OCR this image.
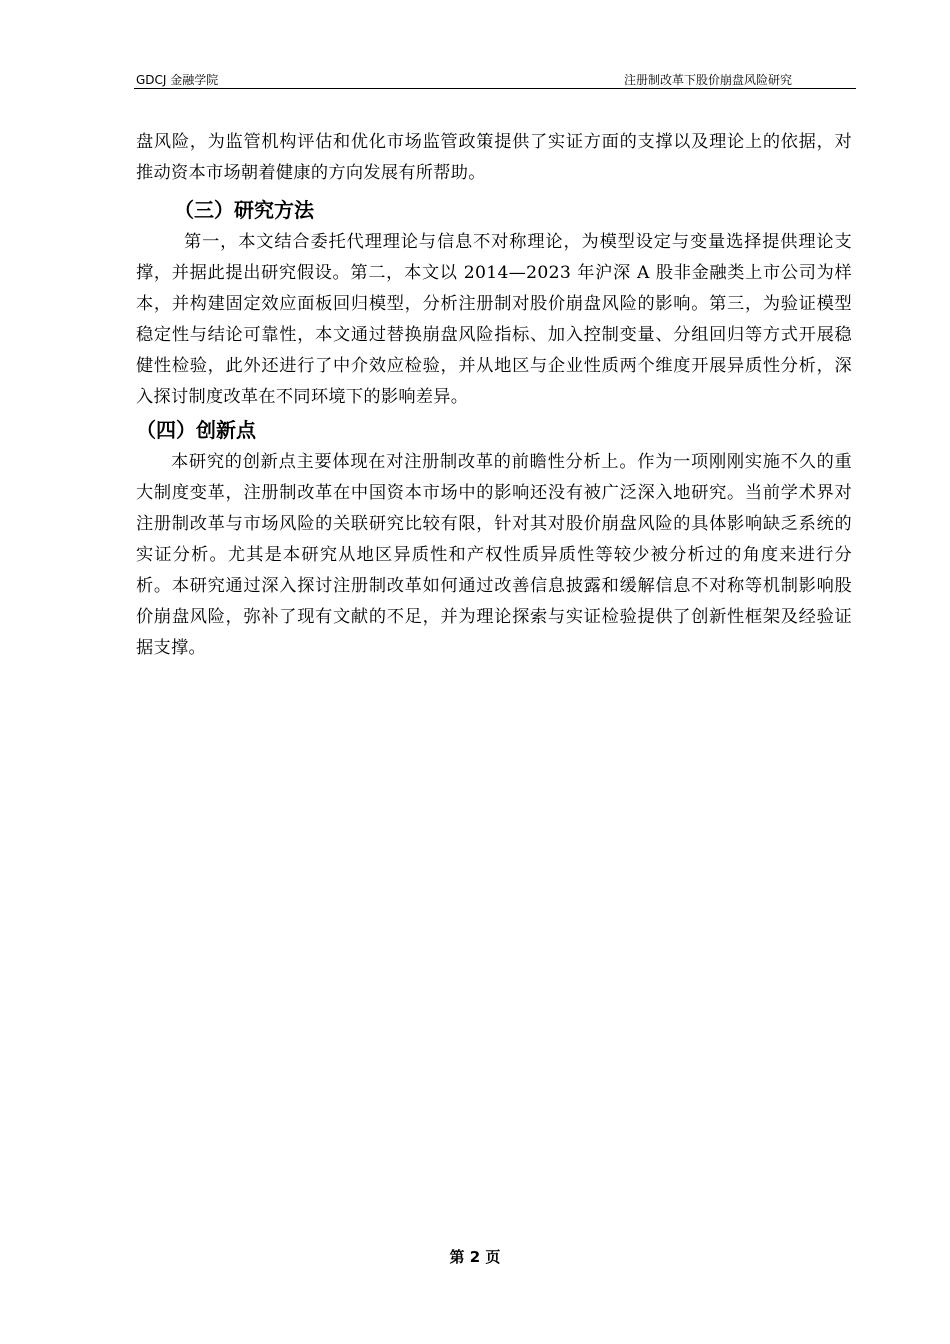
GDCJ 金融学院	注册制改革下股价崩盘风险研究

盘风险，为监管机构评估和优化市场监管政策提供了实证方面的支撑以及理论上的依据，对推动资本市场朝着健康的方向发展有所帮助。

（三）研究方法

第一，本文结合委托代理理论与信息不对称理论，为模型设定与变量选择提供理论支撑，并据此提出研究假设。第二，本文以 2014—2023 年沪深 A 股非金融类上市公司为样本，并构建固定效应面板回归模型，分析注册制对股价崩盘风险的影响。第三，为验证模型稳定性与结论可靠性，本文通过替换崩盘风险指标、加入控制变量、分组回归等方式开展稳健性检验，此外还进行了中介效应检验，并从地区与企业性质两个维度开展异质性分析，深入探讨制度改革在不同环境下的影响差异。

（四）创新点

本研究的创新点主要体现在对注册制改革的前瞻性分析上。作为一项刚刚实施不久的重大制度变革，注册制改革在中国资本市场中的影响还没有被广泛深入地研究。当前学术界对注册制改革与市场风险的关联研究比较有限，针对其对股价崩盘风险的具体影响缺乏系统的实证分析。尤其是本研究从地区异质性和产权性质异质性等较少被分析过的角度来进行分析。本研究通过深入探讨注册制改革如何通过改善信息披露和缓解信息不对称等机制影响股价崩盘风险，弥补了现有文献的不足，并为理论探索与实证检验提供了创新性框架及经验证据支撑。

第 2 页
